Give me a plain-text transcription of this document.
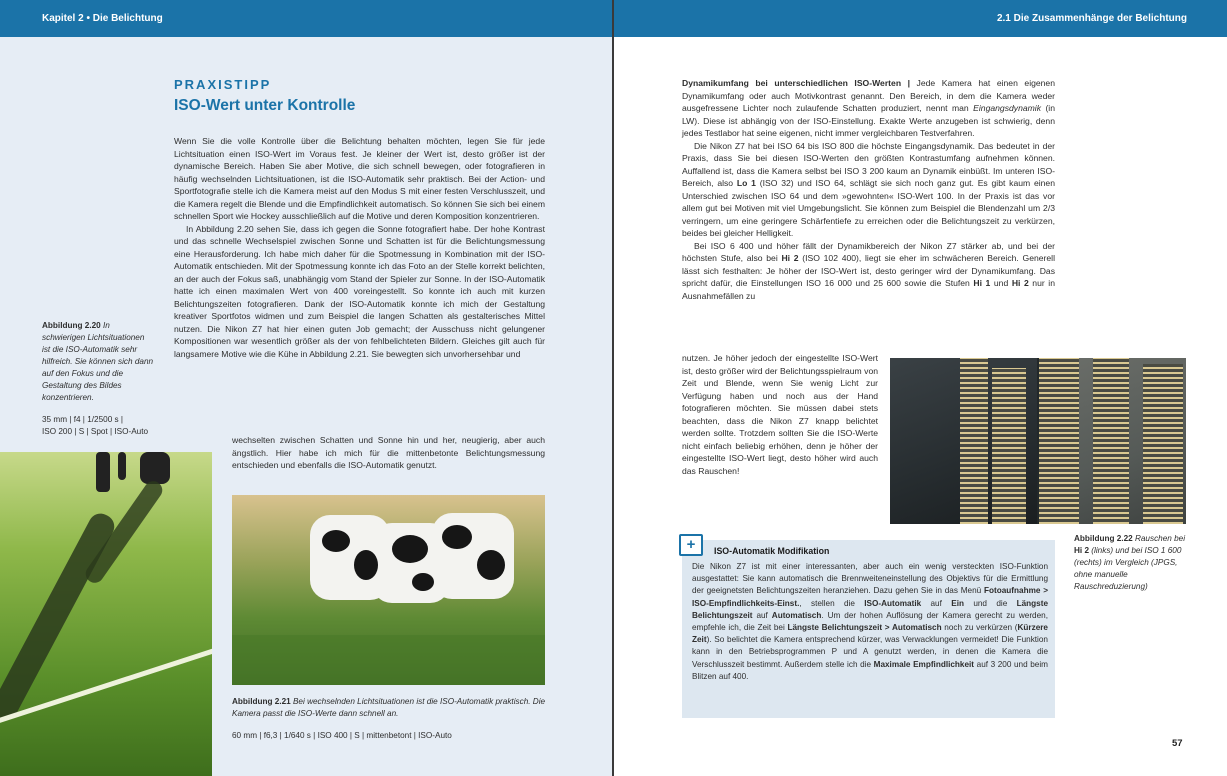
Kapitel 2 • Die Belichtung	2.1 Die Zusammenhänge der Belichtung
PRAXISTIPP
ISO-Wert unter Kontrolle

Wenn Sie die volle Kontrolle über die Belichtung behalten möchten, legen Sie für jede Lichtsituation einen ISO-Wert im Voraus fest. Je kleiner der Wert ist, desto größer ist der dynamische Bereich. Haben Sie aber Motive, die sich schnell bewegen, oder fotografieren in häufig wechselnden Lichtsituationen, ist die ISO-Automatik sehr praktisch. Bei der Action- und Sportfotografie stelle ich die Kamera meist auf den Modus S mit einer festen Verschlusszeit, und die Kamera regelt die Blende und die Empfindlichkeit automatisch. So können Sie sich bei einem schnellen Sport wie Hockey ausschließlich auf die Motive und deren Komposition konzentrieren.

In Abbildung 2.20 sehen Sie, dass ich gegen die Sonne fotografiert habe. Der hohe Kontrast und das schnelle Wechselspiel zwischen Sonne und Schatten ist für die Belichtungsmessung eine Herausforderung. Ich habe mich daher für die Spotmessung in Kombination mit der ISO-Automatik entschieden. Mit der Spotmessung konnte ich das Foto an der Stelle korrekt belichten, an der auch der Fokus saß, unabhängig vom Stand der Spieler zur Sonne. In der ISO-Automatik hatte ich einen maximalen Wert von 400 voreingestellt. So konnte ich auch mit kurzen Belichtungszeiten fotografieren. Dank der ISO-Automatik konnte ich mich der Gestaltung kreativer Sportfotos widmen und zum Beispiel die langen Schatten als gestalterisches Mittel nutzen. Die Nikon Z7 hat hier einen guten Job gemacht; der Ausschuss nicht gelungener Kompositionen war wesentlich größer als der von fehlbelichteten Bildern. Gleiches gilt auch für langsamere Motive wie die Kühe in Abbildung 2.21. Sie bewegten sich unvorhersehbar und

wechselten zwischen Schatten und Sonne hin und her, neugierig, aber auch ängstlich. Hier habe ich mich für die mittenbetonte Belichtungsmessung entschieden und ebenfalls die ISO-Automatik genutzt.

Abbildung 2.20 In schwierigen Lichtsituationen ist die ISO-Automatik sehr hilfreich. Sie können sich dann auf den Fokus und die Gestaltung des Bildes konzentrieren.
35 mm | f4 | 1/2500 s |
ISO 200 | S | Spot | ISO-Auto
Abbildung 2.21 Bei wechselnden Lichtsituationen ist die ISO-Automatik praktisch. Die Kamera passt die ISO-Werte dann schnell an.
60 mm | f6,3 | 1/640 s | ISO 400 | S | mittenbetont | ISO-Auto

Dynamikumfang bei unterschiedlichen ISO-Werten | Jede Kamera hat einen eigenen Dynamikumfang oder auch Motivkontrast genannt. Den Bereich, in dem die Kamera weder ausgefressene Lichter noch zulaufende Schatten produziert, nennt man Eingangsdynamik (in LW). Diese ist abhängig von der ISO-Einstellung. Exakte Werte anzugeben ist schwierig, denn jedes Testlabor hat seine eigenen, nicht immer vergleichbaren Testverfahren.

Die Nikon Z7 hat bei ISO 64 bis ISO 800 die höchste Eingangsdynamik. Das bedeutet in der Praxis, dass Sie bei diesen ISO-Werten den größten Kontrastumfang aufnehmen können. Auffallend ist, dass die Kamera selbst bei ISO 3 200 kaum an Dynamik einbüßt. Im unteren ISO-Bereich, also Lo 1 (ISO 32) und ISO 64, schlägt sie sich noch ganz gut. Es gibt kaum einen Unterschied zwischen ISO 64 und dem »gewohnten« ISO-Wert 100. In der Praxis ist das vor allem gut bei Motiven mit viel Umgebungslicht. Sie können zum Beispiel die Blendenzahl um 2/3 verringern, um eine geringere Schärfentiefe zu erreichen oder die Belichtungszeit zu verkürzen, beides bei gleicher Helligkeit.

Bei ISO 6 400 und höher fällt der Dynamikbereich der Nikon Z7 stärker ab, und bei der höchsten Stufe, also bei Hi 2 (ISO 102 400), liegt sie eher im schwächeren Bereich. Generell lässt sich festhalten: Je höher der ISO-Wert ist, desto geringer wird der Dynamikumfang. Das spricht dafür, die Einstellungen ISO 16 000 und 25 600 sowie die Stufen Hi 1 und Hi 2 nur in Ausnahmefällen zu

nutzen. Je höher jedoch der eingestellte ISO-Wert ist, desto größer wird der Belichtungsspielraum von Zeit und Blende, wenn Sie wenig Licht zur Verfügung haben und noch aus der Hand fotografieren möchten. Sie müssen dabei stets beachten, dass die Nikon Z7 knapp belichtet werden sollte. Trotzdem sollten Sie die ISO-Werte nicht einfach beliebig erhöhen, denn je höher der eingestellte ISO-Wert liegt, desto höher wird auch das Rauschen!

Abbildung 2.22 Rauschen bei Hi 2 (links) und bei ISO 1 600 (rechts) im Vergleich (JPGS, ohne manuelle Rauschreduzierung)
+	ISO-Automatik Modifikation
Die Nikon Z7 ist mit einer interessanten, aber auch ein wenig versteckten ISO-Funktion ausgestattet: Sie kann automatisch die Brennweiteneinstellung des Objektivs für die Ermittlung der geeignetsten Belichtungszeiten heranziehen. Dazu gehen Sie in das Menü Fotoaufnahme > ISO-Empfindlichkeits-Einst., stellen die ISO-Automatik auf Ein und die Längste Belichtungszeit auf Automatisch. Um der hohen Auflösung der Kamera gerecht zu werden, empfehle ich, die Zeit bei Längste Belichtungszeit > Automatisch noch zu verkürzen (Kürzere Zeit). So belichtet die Kamera entsprechend kürzer, was Verwacklungen vermeidet! Die Funktion kann in den Betriebsprogrammen P und A genutzt werden, in denen die Kamera die Verschlusszeit bestimmt. Außerdem stelle ich die Maximale Empfindlichkeit auf 3 200 und beim Blitzen auf 400.
57
